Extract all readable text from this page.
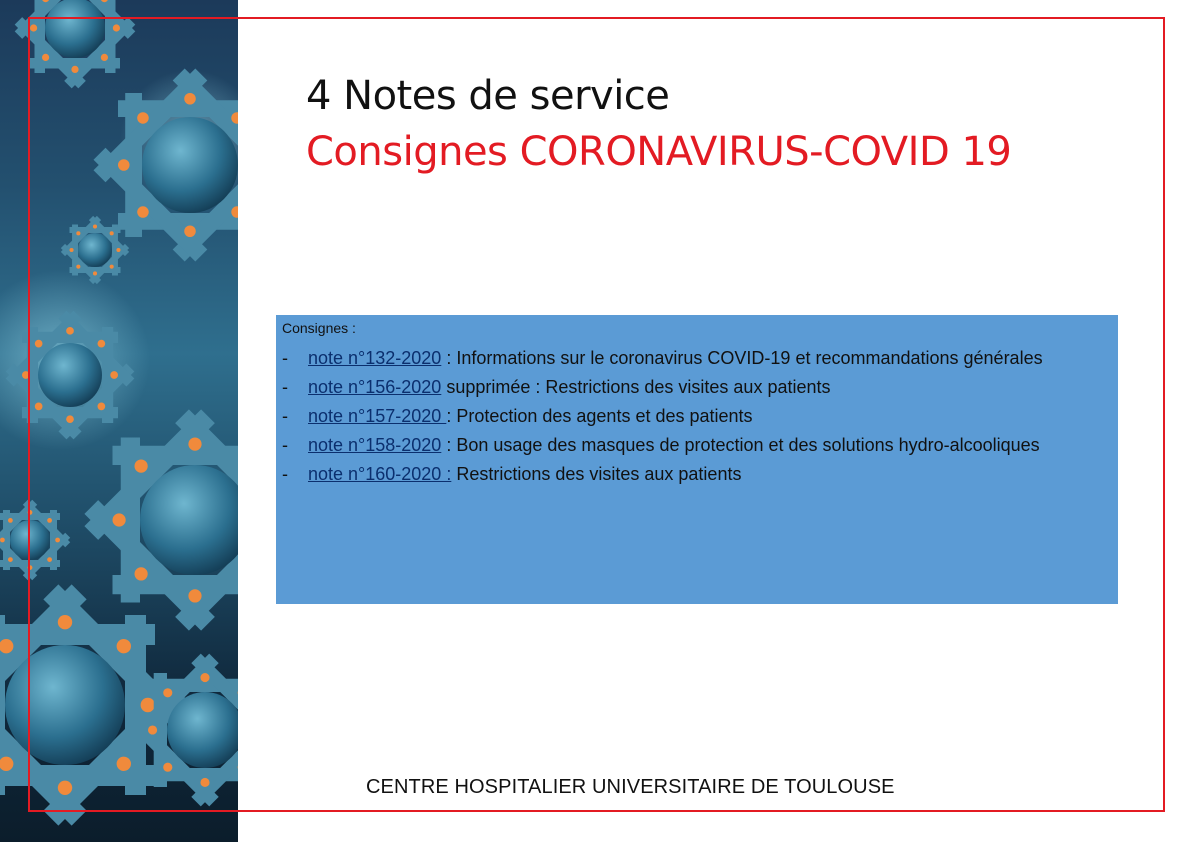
4 Notes de service
Consignes CORONAVIRUS-COVID 19
Consignes :
-	note n°132-2020 : Informations sur le coronavirus COVID-19 et recommandations générales
-	note n°156-2020 supprimée : Restrictions des visites aux patients
-	note n°157-2020 : Protection des agents et des patients
-	note n°158-2020 : Bon usage des masques de protection et des solutions hydro-alcooliques
-	note n°160-2020 : Restrictions des visites aux patients
CENTRE HOSPITALIER UNIVERSITAIRE DE TOULOUSE
